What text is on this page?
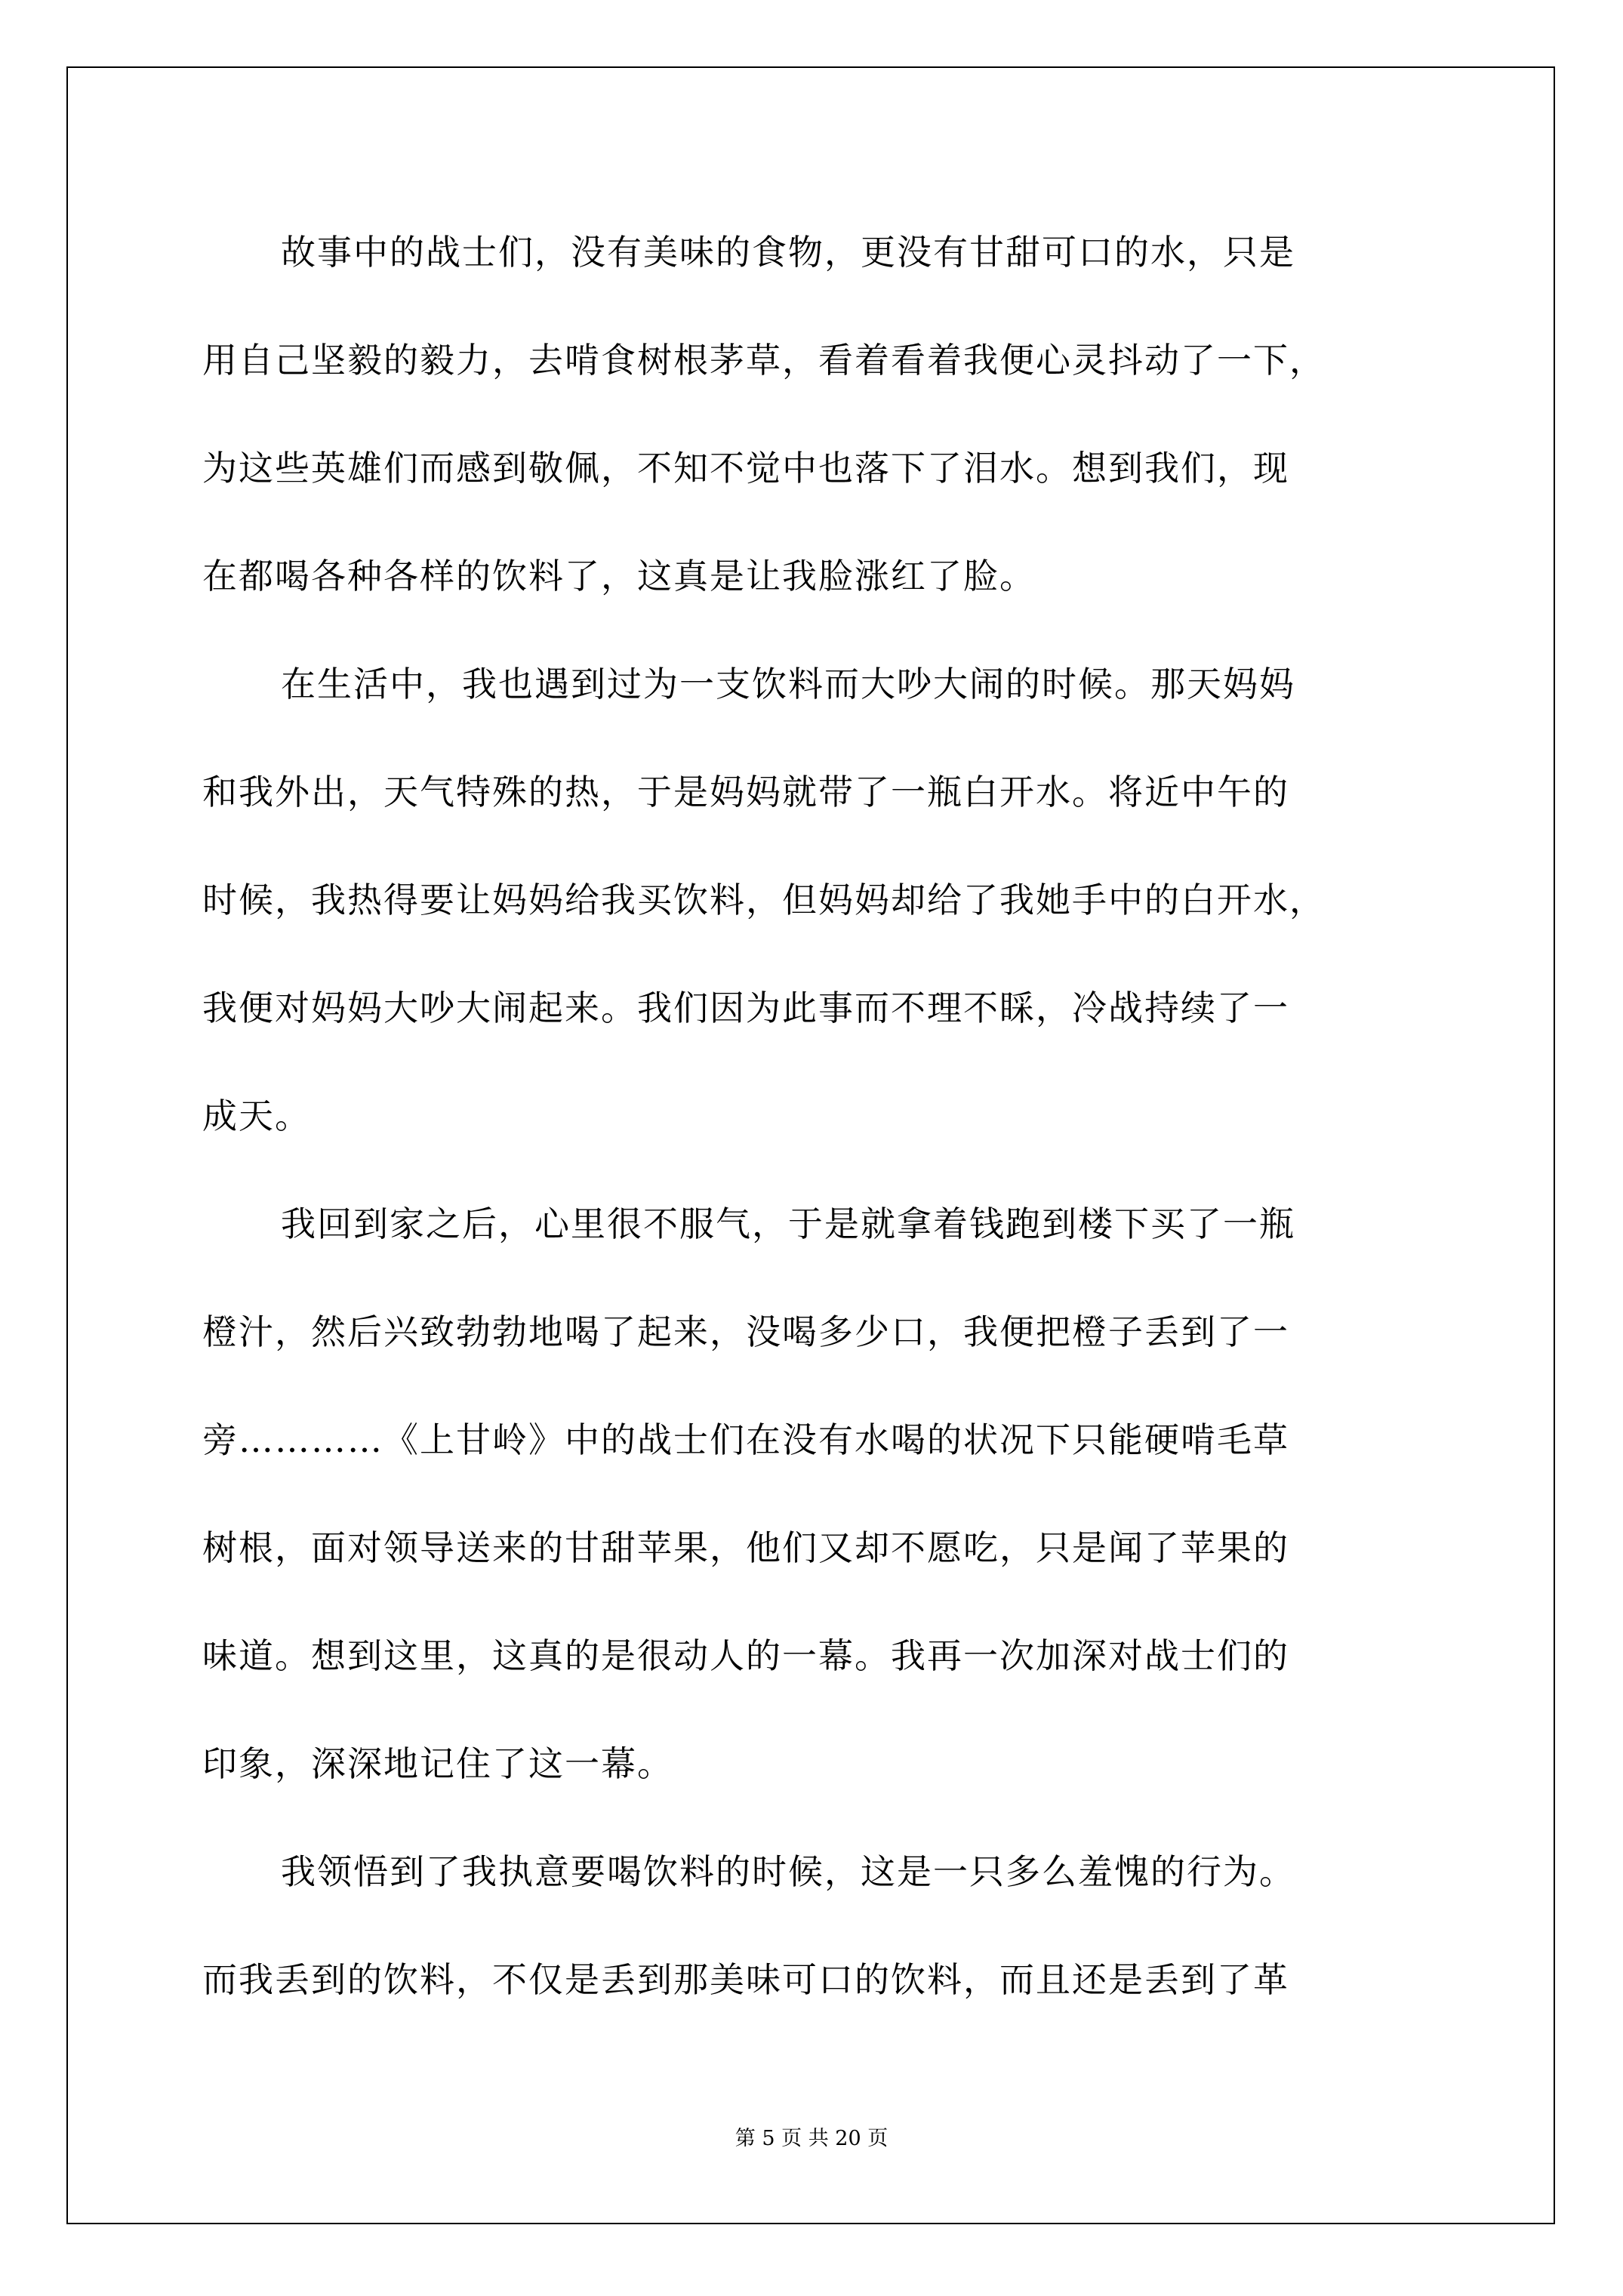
故事中的战士们，没有美味的食物，更没有甘甜可口的水，只是
用自己坚毅的毅力，去啃食树根茅草，看着看着我便心灵抖动了一下，
为这些英雄们而感到敬佩，不知不觉中也落下了泪水。想到我们，现
在都喝各种各样的饮料了，这真是让我脸涨红了脸。
在生活中，我也遇到过为一支饮料而大吵大闹的时候。那天妈妈
和我外出，天气特殊的热，于是妈妈就带了一瓶白开水。将近中午的
时候，我热得要让妈妈给我买饮料，但妈妈却给了我她手中的白开水，
我便对妈妈大吵大闹起来。我们因为此事而不理不睬，冷战持续了一
成天。
我回到家之后，心里很不服气，于是就拿着钱跑到楼下买了一瓶
橙汁，然后兴致勃勃地喝了起来，没喝多少口，我便把橙子丢到了一
旁…………《上甘岭》中的战士们在没有水喝的状况下只能硬啃毛草
树根，面对领导送来的甘甜苹果，他们又却不愿吃，只是闻了苹果的
味道。想到这里，这真的是很动人的一幕。我再一次加深对战士们的
印象，深深地记住了这一幕。
我领悟到了我执意要喝饮料的时候，这是一只多么羞愧的行为。
而我丢到的饮料，不仅是丢到那美味可口的饮料，而且还是丢到了革
第 5 页 共 20 页
